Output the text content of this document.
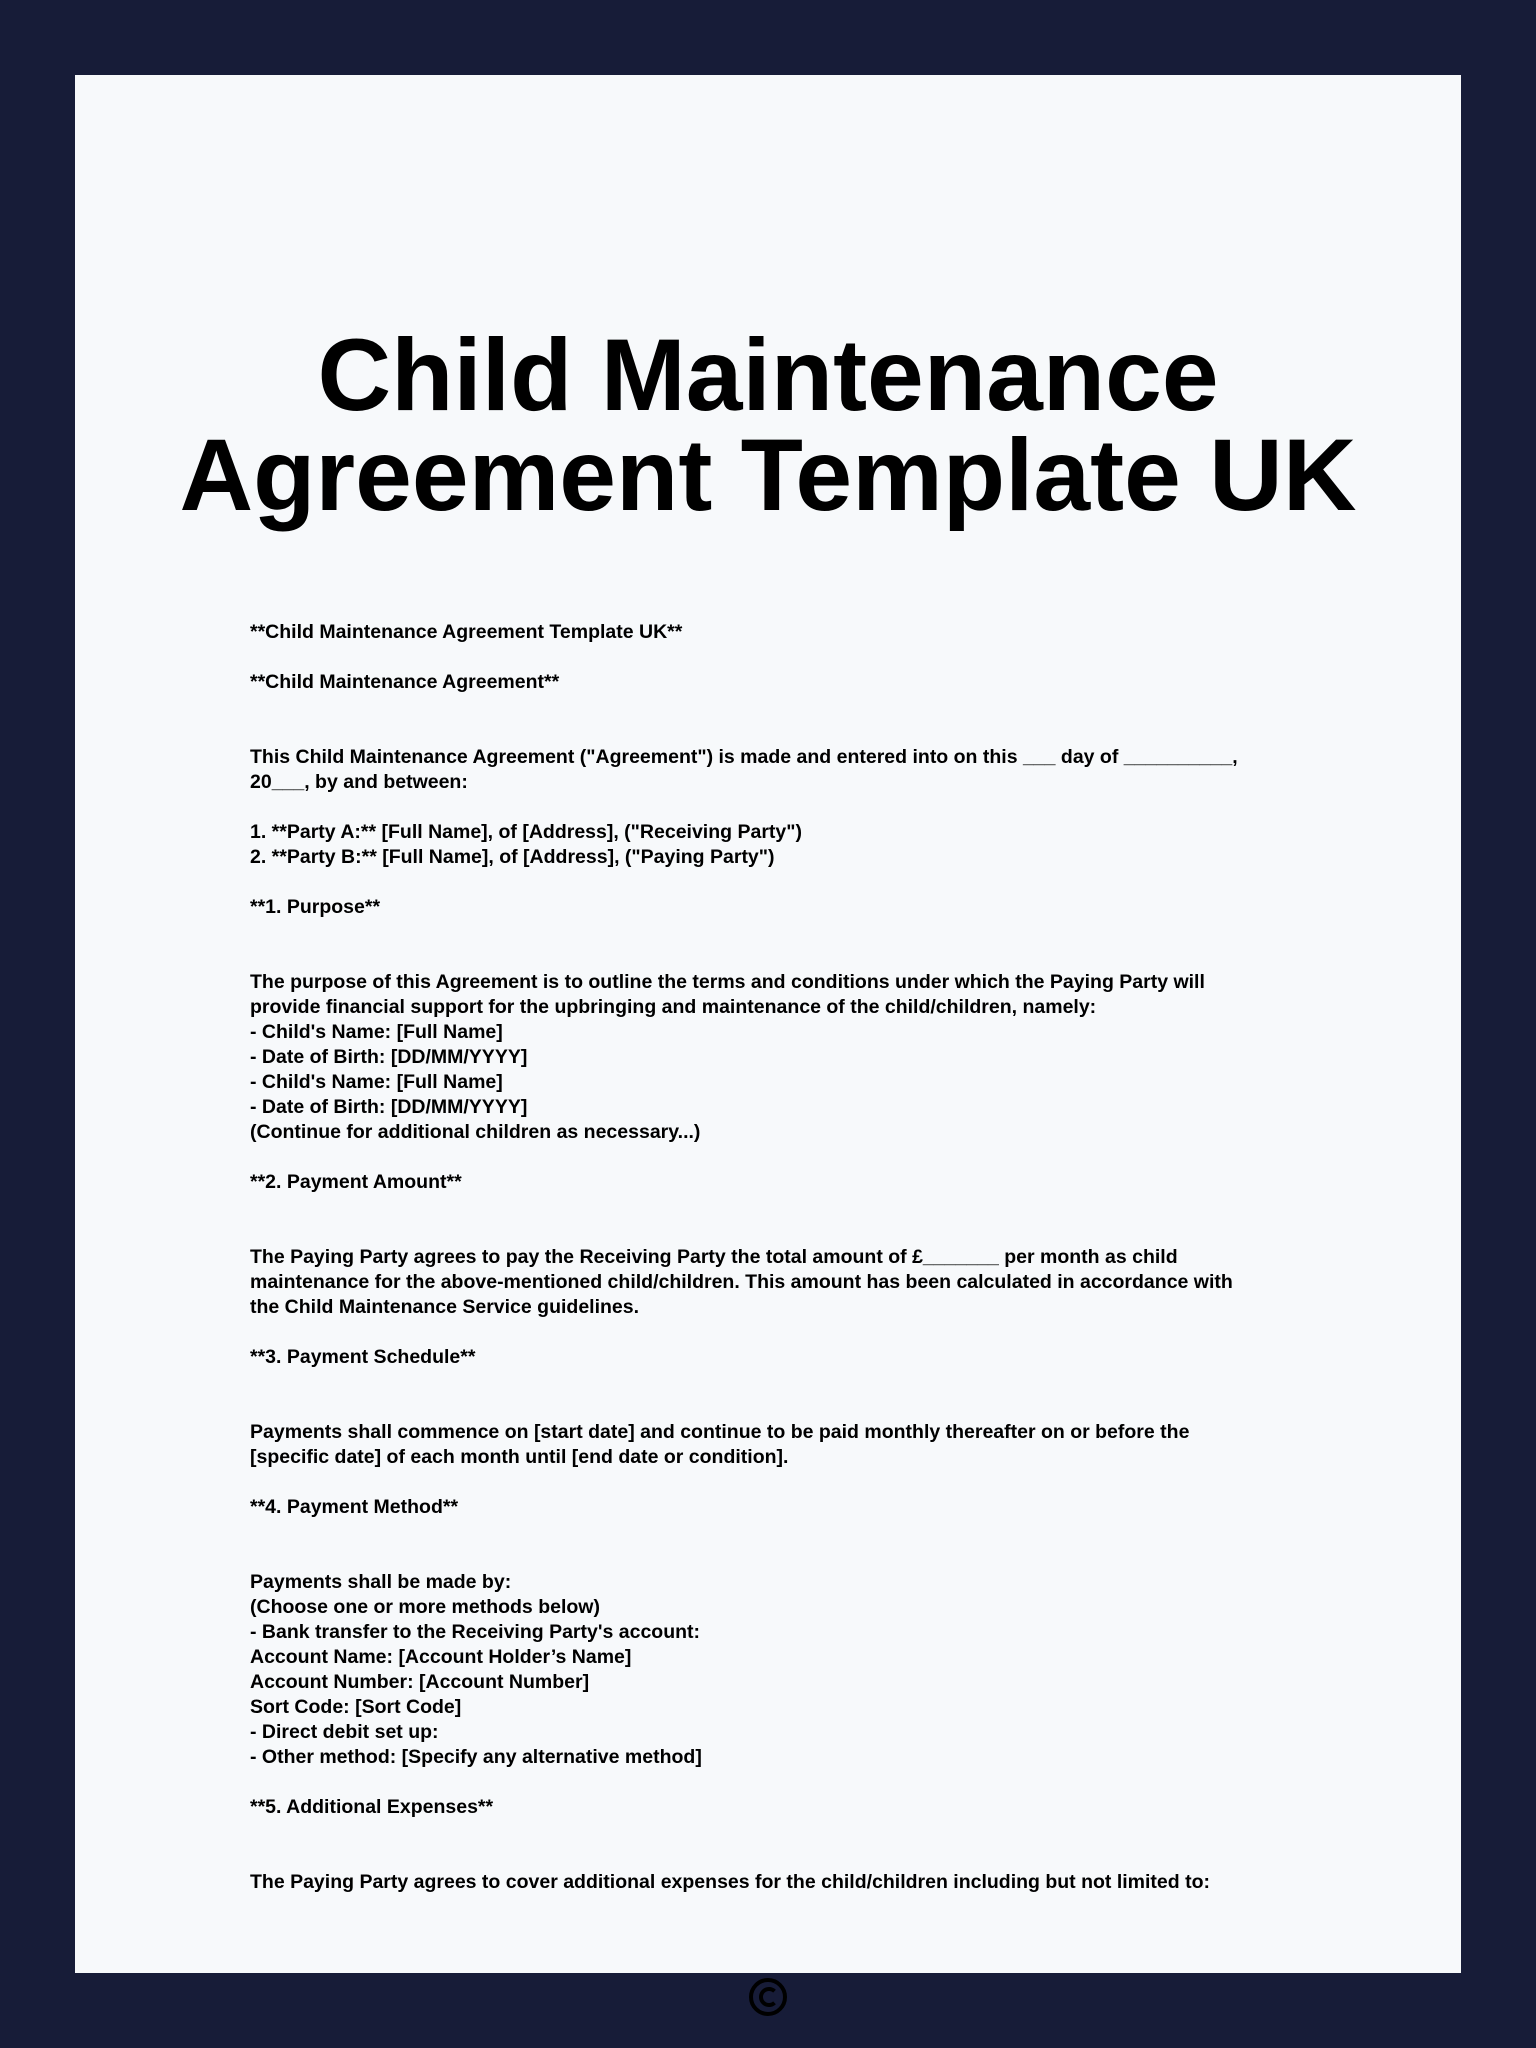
Child Maintenance
Agreement Template UK

**Child Maintenance Agreement Template UK**

**Child Maintenance Agreement**

This Child Maintenance Agreement ("Agreement") is made and entered into on this ___ day of __________,

20___, by and between:

1. **Party A:** [Full Name], of [Address], ("Receiving Party")

2. **Party B:** [Full Name], of [Address], ("Paying Party")

**1. Purpose**

The purpose of this Agreement is to outline the terms and conditions under which the Paying Party will

provide financial support for the upbringing and maintenance of the child/children, namely:

- Child's Name: [Full Name]

- Date of Birth: [DD/MM/YYYY]

- Child's Name: [Full Name]

- Date of Birth: [DD/MM/YYYY]

(Continue for additional children as necessary...)

**2. Payment Amount**

The Paying Party agrees to pay the Receiving Party the total amount of £_______ per month as child

maintenance for the above-mentioned child/children. This amount has been calculated in accordance with

the Child Maintenance Service guidelines.

**3. Payment Schedule**

Payments shall commence on [start date] and continue to be paid monthly thereafter on or before the

[specific date] of each month until [end date or condition].

**4. Payment Method**

Payments shall be made by:

(Choose one or more methods below)

- Bank transfer to the Receiving Party's account:

Account Name: [Account Holder’s Name]

Account Number: [Account Number]

Sort Code: [Sort Code]

- Direct debit set up:

- Other method: [Specify any alternative method]

**5. Additional Expenses**

The Paying Party agrees to cover additional expenses for the child/children including but not limited to:
